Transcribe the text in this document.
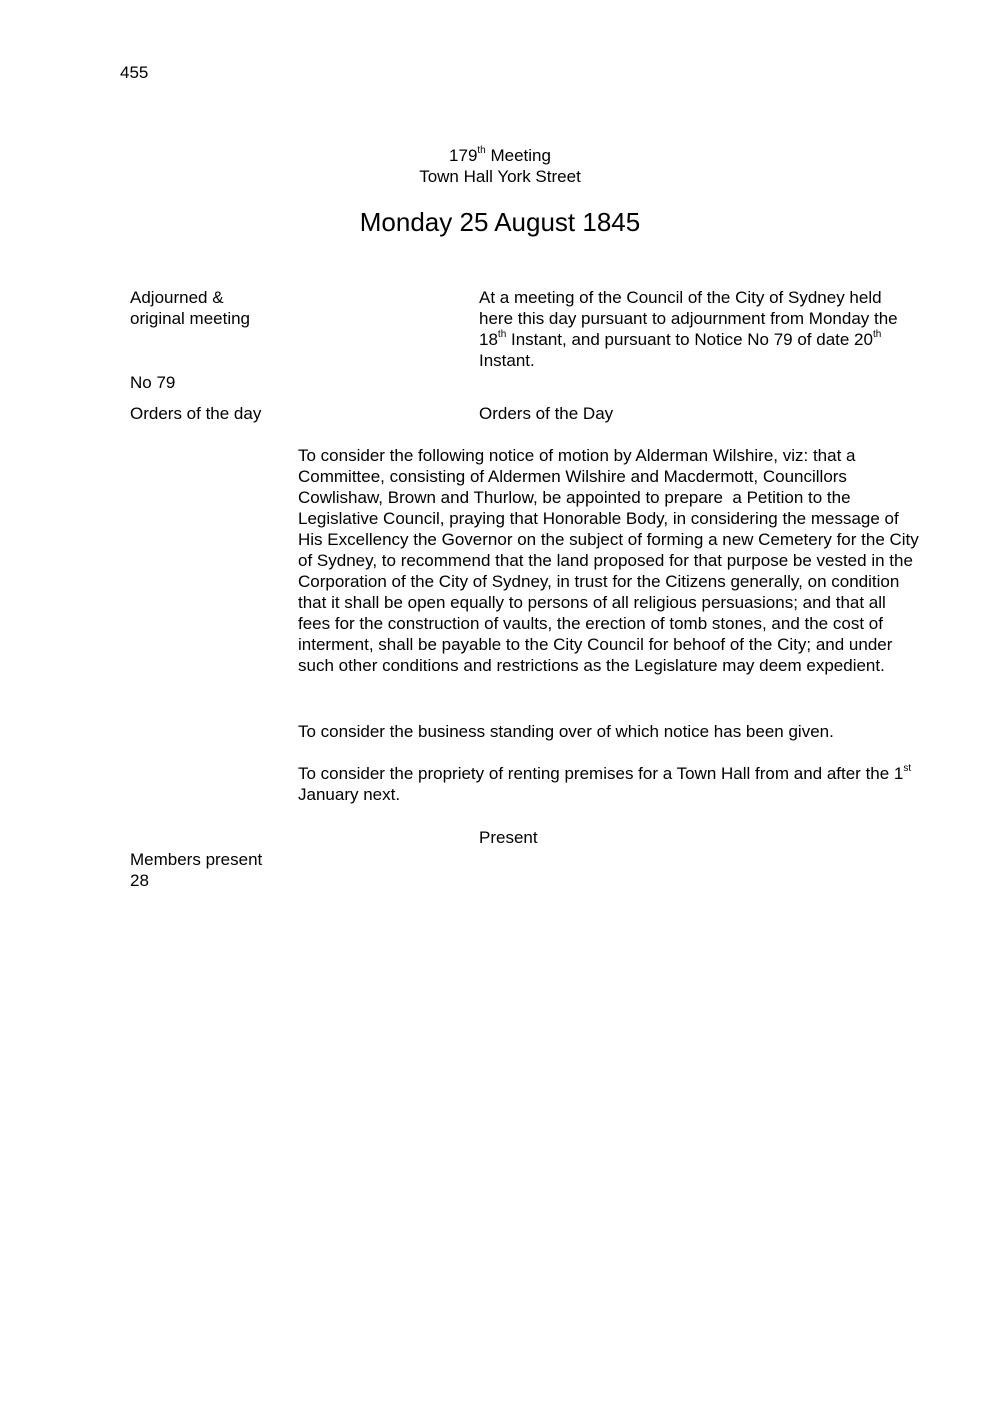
455
179th Meeting
Town Hall York Street
Monday 25 August 1845
Adjourned &
original meeting
No 79
Orders of the day
Members present
28
At a meeting of the Council of the City of Sydney held here this day pursuant to adjournment from Monday the 18th Instant, and pursuant to Notice No 79 of date 20th Instant.
Orders of the Day
To consider the following notice of motion by Alderman Wilshire, viz: that a Committee, consisting of Aldermen Wilshire and Macdermott, Councillors Cowlishaw, Brown and Thurlow, be appointed to prepare  a Petition to the Legislative Council, praying that Honorable Body, in considering the message of His Excellency the Governor on the subject of forming a new Cemetery for the City of Sydney, to recommend that the land proposed for that purpose be vested in the Corporation of the City of Sydney, in trust for the Citizens generally, on condition that it shall be open equally to persons of all religious persuasions; and that all fees for the construction of vaults, the erection of tomb stones, and the cost of interment, shall be payable to the City Council for behoof of the City; and under such other conditions and restrictions as the Legislature may deem expedient.
To consider the business standing over of which notice has been given.
To consider the propriety of renting premises for a Town Hall from and after the 1st January next.
Present
